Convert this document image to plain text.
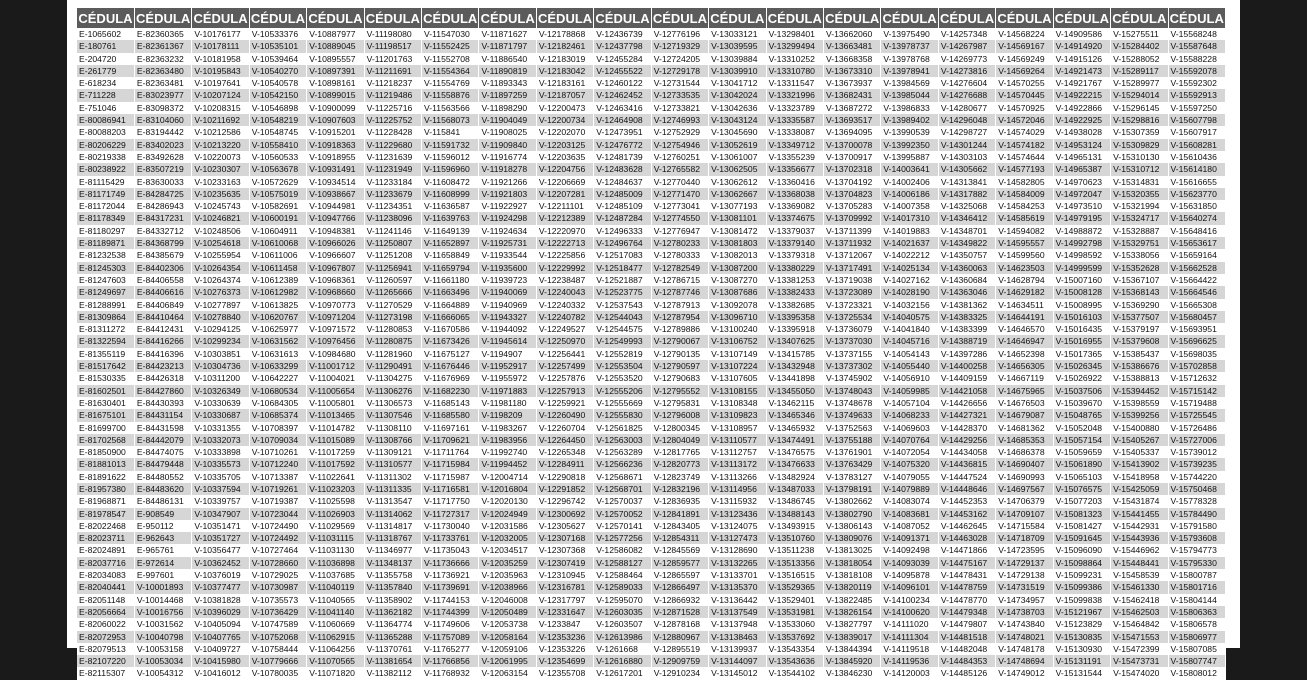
CÉDULA	CÉDULA	CÉDULA	CÉDULA	CÉDULA	CÉDULA	CÉDULA	CÉDULA	CÉDULA	CÉDULA	CÉDULA	CÉDULA	CÉDULA	CÉDULA	CÉDULA	CÉDULA	CÉDULA	CÉDULA	CÉDULA	CÉDULA
E-1065602	E-82360365	V-10176177	V-10533376	V-10887977	V-11198080	V-11547030	V-11871627	V-12178868	V-12436739	V-12776196	V-13033121	V-13298401	V-13662060	V-13975490	V-14257348	V-14568224	V-14909586	V-15275511	V-15568248
E-180761	E-82361367	V-10178111	V-10535101	V-10889045	V-11198517	V-11552425	V-11871797	V-12182461	V-12437798	V-12719329	V-13039595	V-13299494	V-13663481	V-13978737	V-14267987	V-14569167	V-14914920	V-15284402	V-15587648
E-204720	E-82363232	V-10181958	V-10539464	V-10895557	V-11201763	V-11552708	V-11886540	V-12183019	V-12455284	V-12724205	V-13039884	V-13310252	V-13668358	V-13978768	V-14269773	V-14569249	V-14915126	V-15288052	V-15588228
E-261779	E-82363480	V-10195843	V-10540270	V-10897391	V-11211691	V-11554364	V-11890819	V-12183042	V-12455522	V-12729178	V-13039910	V-13310780	V-13673310	V-13978941	V-14273816	V-14569264	V-14921473	V-15289117	V-15592078
E-618234	E-82363481	V-10197641	V-10540578	V-10898161	V-11218237	V-11554769	V-11893343	V-12183161	V-12460122	V-12731544	V-13041712	V-13311547	V-13673937	V-13984569	V-14276604	V-14570255	V-14921767	V-15289977	V-15592302
E-711228	E-83023977	V-10207124	V-10542150	V-10899015	V-11219486	V-11558876	V-11897259	V-12187057	V-12462452	V-12733535	V-13042024	V-13321996	V-13682431	V-13985044	V-14276688	V-14570445	V-14922215	V-15294014	V-15592913
E-751046	E-83098372	V-10208315	V-10546898	V-10900099	V-11225716	V-11563566	V-11898290	V-12200473	V-12463416	V-12733821	V-13042636	V-13323789	V-13687272	V-13986833	V-14280677	V-14570925	V-14922866	V-15296145	V-15597250
E-80086941	E-83104060	V-10211692	V-10548219	V-10907603	V-11225752	V-11568073	V-11904049	V-12200734	V-12464908	V-12746993	V-13043124	V-13335587	V-13693517	V-13989402	V-14296048	V-14572046	V-14922925	V-15298816	V-15607798
E-80088203	E-83194442	V-10212586	V-10548745	V-10915201	V-11228428	V-115841	V-11908025	V-12202070	V-12473951	V-12752929	V-13045690	V-13338087	V-13694095	V-13990539	V-14298727	V-14574029	V-14938028	V-15307359	V-15607917
E-80206229	E-83402023	V-10213220	V-10558410	V-10918363	V-11229680	V-11591732	V-11909840	V-12203125	V-12476772	V-12754946	V-13052619	V-13349712	V-13700078	V-13992350	V-14301244	V-14574182	V-14953124	V-15309829	V-15608281
E-80219338	E-83492628	V-10220073	V-10560533	V-10918955	V-11231639	V-11596012	V-11916774	V-12203635	V-12481739	V-12760251	V-13061007	V-13355239	V-13700917	V-13995887	V-14303103	V-14574644	V-14965131	V-15310130	V-15610436
E-80238922	E-83507219	V-10230307	V-10563678	V-10931491	V-11231949	V-11596960	V-11918278	V-12204756	V-12483628	V-12765582	V-13062505	V-13356677	V-13702318	V-14003641	V-14305662	V-14577193	V-14965387	V-15310712	V-15614180
E-81115429	E-83630033	V-10233163	V-10572629	V-10934514	V-11233184	V-11608472	V-11921266	V-12206669	V-12484637	V-12770440	V-13062612	V-13360416	V-13704192	V-14002406	V-14313841	V-14582805	V-14970623	V-15314831	V-15616655
E-81171749	E-84284725	V-10235635	V-10575019	V-10938667	V-11233679	V-11608999	V-11921803	V-12207281	V-12485009	V-12771470	V-13062667	V-13368038	V-13704823	V-14006186	V-14317882	V-14584009	V-14972047	V-15320355	V-15623770
E-81172044	E-84286943	V-10245743	V-10582691	V-10944981	V-11234351	V-11636587	V-11922927	V-12211101	V-12485109	V-12773041	V-13077193	V-13369082	V-13705283	V-14007358	V-14325068	V-14584253	V-14973510	V-15321994	V-15631850
E-81178349	E-84317231	V-10246821	V-10600191	V-10947766	V-11238096	V-11639763	V-11924298	V-12212389	V-12487284	V-12774550	V-13081101	V-13374675	V-13709992	V-14017310	V-14346412	V-14585619	V-14979195	V-15324717	V-15640274
E-81180297	E-84332712	V-10248506	V-10604911	V-10948381	V-11241146	V-11649139	V-11924634	V-12220970	V-12496333	V-12776947	V-13081472	V-13379037	V-13711399	V-14019883	V-14348701	V-14594082	V-14988872	V-15328887	V-15648416
E-81189871	E-84368799	V-10254618	V-10610068	V-10966026	V-11250807	V-11652897	V-11925731	V-12222713	V-12496764	V-12780233	V-13081803	V-13379140	V-13711932	V-14021637	V-14349822	V-14595557	V-14992798	V-15329751	V-15653617
E-81232538	E-84385679	V-10255954	V-10611006	V-10966607	V-11251208	V-11658849	V-11933544	V-12225856	V-12517083	V-12780333	V-13082013	V-13379318	V-13712067	V-14022212	V-14350757	V-14599560	V-14998592	V-15338056	V-15659164
E-81245303	E-84402306	V-10264354	V-10611458	V-10967807	V-11256941	V-11659794	V-11935600	V-12229992	V-12518477	V-12782549	V-13087200	V-13380229	V-13717491	V-14025134	V-14360063	V-14623503	V-14999599	V-15352628	V-15662528
E-81247603	E-84406558	V-10264374	V-10612389	V-10968361	V-11260597	V-11661180	V-11939723	V-12238487	V-12521887	V-12786715	V-13087270	V-13381253	V-13719038	V-14027162	V-14360684	V-14628794	V-15007160	V-15367107	V-15664422
E-81249697	E-84406616	V-10276373	V-10612982	V-10968660	V-11265666	V-11663496	V-11940069	V-12240043	V-12523775	V-12787746	V-13087686	V-13382433	V-13723089	V-14028190	V-14363046	V-14629182	V-15008128	V-15368143	V-15664546
E-81288991	E-84406849	V-10277897	V-10613825	V-10970773	V-11270529	V-11664889	V-11940969	V-12240332	V-12537543	V-12787913	V-13092078	V-13382685	V-13723321	V-14032156	V-14381362	V-14634511	V-15008995	V-15369290	V-15665308
E-81309864	E-84410464	V-10278840	V-10620767	V-10971204	V-11273198	V-11666065	V-11943327	V-12240782	V-12544043	V-12787954	V-13096710	V-13395358	V-13725534	V-14040575	V-14383325	V-14644191	V-15016103	V-15377507	V-15680457
E-81311272	E-84412431	V-10294125	V-10625977	V-10971572	V-11280853	V-11670586	V-11944092	V-12249527	V-12544575	V-12789886	V-13100240	V-13395918	V-13736079	V-14041840	V-14383399	V-14646570	V-15016435	V-15379197	V-15693951
E-81322594	E-84416266	V-10299234	V-10631562	V-10976456	V-11280875	V-11673426	V-11945614	V-12250970	V-12549993	V-12790067	V-13106752	V-13407625	V-13737030	V-14045716	V-14388719	V-14646947	V-15016955	V-15379608	V-15696625
E-81355119	E-84416396	V-10303851	V-10631613	V-10984680	V-11281960	V-11675127	V-1194907	V-12256441	V-12552819	V-12790135	V-13107149	V-13415785	V-13737155	V-14054143	V-14397286	V-14652398	V-15017365	V-15385437	V-15698035
E-81517642	E-84423213	V-10304736	V-10633299	V-11001712	V-11290491	V-11676446	V-11952917	V-12257499	V-12553504	V-12790597	V-13107224	V-13432948	V-13737302	V-14055440	V-14400258	V-14656305	V-15026345	V-15386676	V-15702858
E-81530335	E-84426318	V-10311200	V-10642227	V-11004021	V-11304275	V-11676969	V-11955972	V-12257876	V-12553520	V-12790683	V-13107605	V-13441898	V-13745902	V-14056910	V-14409159	V-14667119	V-15026922	V-15388813	V-15712632
E-81602501	E-84427860	V-10326349	V-10680534	V-11005654	V-11306276	V-11682230	V-11971883	V-12257913	V-12555206	V-12795552	V-13108155	V-13455050	V-13748043	V-14059985	V-14421058	V-14675965	V-15037506	V-15394452	V-15715142
E-81630401	E-84430393	V-10330639	V-10684305	V-11005801	V-11306573	V-11685143	V-11981180	V-12259921	V-12555669	V-12795831	V-13108348	V-13462115	V-13748678	V-14057104	V-14426656	V-14676503	V-15039670	V-15398559	V-15719488
E-81675101	E-84431154	V-10330687	V-10685374	V-11013465	V-11307546	V-11685580	V-1198209	V-12260490	V-12555830	V-12796008	V-13109823	V-13465346	V-13749633	V-14068233	V-14427321	V-14679087	V-15048765	V-15399256	V-15725545
E-81699700	E-84431598	V-10331355	V-10708397	V-11014782	V-11308110	V-11697161	V-11983267	V-12260704	V-12561825	V-12800345	V-13108957	V-13465932	V-13752563	V-14069603	V-14428370	V-14681362	V-15052048	V-15400880	V-15726486
E-81702568	E-84442079	V-10332073	V-10709034	V-11015089	V-11308766	V-11709621	V-11983956	V-12264450	V-12563003	V-12804049	V-13110577	V-13474491	V-13755188	V-14070764	V-14429256	V-14685353	V-15057154	V-15405267	V-15727006
E-81850900	E-84474075	V-10333898	V-10710261	V-11017259	V-11309121	V-11711764	V-11992740	V-12265348	V-12563289	V-12817765	V-13112757	V-13476575	V-13761901	V-14072054	V-14434058	V-14686378	V-15059659	V-15405337	V-15739012
E-81881013	E-84479448	V-10335573	V-10712240	V-11017592	V-11310577	V-11715984	V-11994452	V-12284911	V-12566236	V-12820773	V-13113172	V-13476633	V-13763429	V-14075320	V-14436815	V-14690407	V-15061890	V-15413902	V-15739235
E-81891622	E-84480552	V-10335705	V-10713387	V-11022641	V-11311302	V-11715987	V-12004714	V-12290818	V-12568671	V-12823749	V-13113266	V-13482924	V-13783127	V-14079055	V-14447524	V-14690993	V-15065103	V-15418958	V-15744220
E-81957380	E-84483620	V-10337594	V-10719261	V-11023203	V-11311335	V-11716581	V-12016804	V-12291852	V-12568701	V-12832196	V-13114956	V-13487033	V-13798191	V-14079889	V-14448646	V-14697567	V-15076575	V-15425059	V-15750468
E-81968871	E-84486131	V-10339757	V-10719387	V-11025598	V-11313547	V-11717750	V-12020130	V-12296742	V-12570037	V-12836935	V-13115932	V-13486745	V-13802662	V-14083074	V-14452353	V-14706379	V-15077203	V-15431874	V-15778328
E-81978547	E-908549	V-10347907	V-10723044	V-11026903	V-11314062	V-11727317	V-12024949	V-12300692	V-12570052	V-12841891	V-13123436	V-13488143	V-13802790	V-14083681	V-14453162	V-14709107	V-15081323	V-15441455	V-15784490
E-82022468	E-950112	V-10351471	V-10724490	V-11029569	V-11314817	V-11730040	V-12031586	V-12305627	V-12570141	V-12843405	V-13124075	V-13493915	V-13806143	V-14087052	V-14462645	V-14715584	V-15081427	V-15442931	V-15791580
E-82023711	E-962643	V-10351727	V-10724492	V-11031115	V-11318767	V-11733761	V-12032005	V-12307168	V-12577256	V-12854311	V-13127473	V-13510760	V-13809076	V-14091371	V-14463028	V-14718709	V-15091645	V-15443936	V-15793608
E-82024891	E-965761	V-10356477	V-10727464	V-11031130	V-11346977	V-11735043	V-12034517	V-12307368	V-12586082	V-12845569	V-13128690	V-13511238	V-13813025	V-14092498	V-14471866	V-14723595	V-15096090	V-15446962	V-15794773
E-82037716	E-972614	V-10362452	V-10728660	V-11036898	V-11348137	V-11736666	V-12035259	V-12307419	V-12588127	V-12859577	V-13132265	V-13513356	V-13818054	V-14093039	V-14475167	V-14729137	V-15098864	V-15448441	V-15795330
E-82034083	E-997601	V-10376019	V-10729025	V-11037685	V-11355758	V-11736921	V-12035963	V-12310945	V-12588464	V-12865597	V-13133701	V-13516515	V-13818108	V-14095878	V-14478431	V-14729138	V-15099231	V-15458539	V-15800787
E-82040441	V-10001893	V-10377477	V-10730987	V-11040119	V-11357840	V-11739691	V-12038966	V-12316781	V-12589033	V-12866497	V-13135370	V-13529365	V-13820119	V-14096101	V-14478759	V-14731519	V-15099386	V-15461330	V-15801716
E-82051148	V-10014468	V-10381828	V-10735573	V-11040565	V-11358902	V-11744153	V-12046008	V-12317797	V-12595070	V-12866932	V-13136442	V-13529401	V-13822485	V-14100234	V-14478770	V-14734957	V-15099838	V-15462418	V-15804144
E-82056664	V-10016756	V-10396029	V-10736429	V-11041140	V-11362182	V-11744399	V-12050489	V-12331647	V-12603035	V-12871528	V-13137549	V-13531981	V-13826154	V-14100620	V-14479348	V-14738703	V-15121967	V-15462503	V-15806363
E-82060022	V-10031562	V-10405094	V-10747589	V-11060669	V-11364774	V-11749606	V-12053738	V-1233847	V-12603507	V-12878168	V-13137948	V-13533060	V-13827797	V-14111020	V-14479807	V-14743840	V-15123829	V-15464842	V-15806578
E-82072953	V-10040798	V-10407765	V-10752068	V-11062915	V-11365288	V-11757089	V-12058164	V-12353236	V-12613986	V-12880967	V-13138463	V-13537692	V-13839017	V-14111304	V-14481518	V-14748021	V-15130835	V-15471553	V-15806977
E-82079513	V-10053158	V-10409727	V-10758444	V-11064256	V-11370761	V-11765277	V-12059106	V-12353226	V-1261668	V-12895519	V-13139937	V-13543354	V-13844394	V-14119518	V-14482048	V-14748178	V-15130930	V-15472399	V-15807085
E-82107220	V-10053034	V-10415980	V-10779666	V-11070565	V-11381654	V-11766856	V-12061995	V-12354699	V-12616880	V-12909759	V-13144097	V-13543636	V-13845920	V-14119536	V-14484353	V-14748694	V-15131191	V-15473731	V-15807747
E-82115307	V-10054312	V-10416012	V-10780035	V-11071820	V-11382112	V-11768932	V-12063154	V-12355708	V-12617201	V-12910234	V-13145012	V-13544102	V-13846230	V-14120003	V-14485126	V-14749012	V-15131544	V-15474020	V-15808012
